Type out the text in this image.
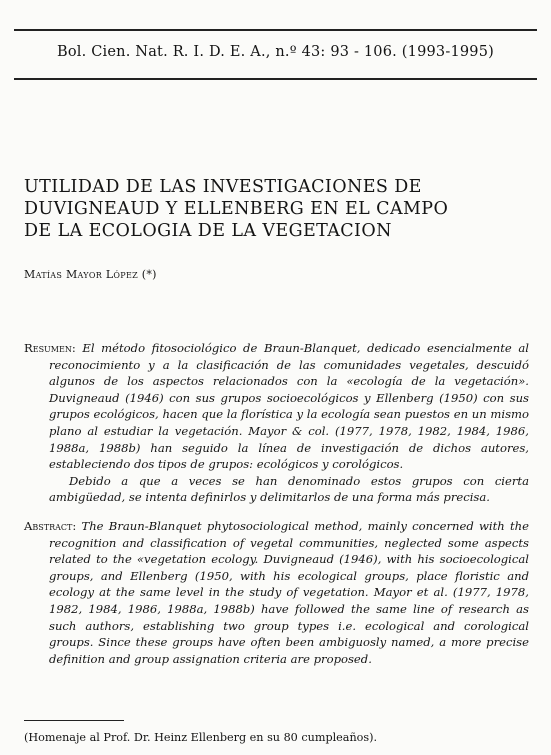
Bol. Cien. Nat. R. I. D. E. A., n.º 43: 93 - 106. (1993-1995)
UTILIDAD DE LAS INVESTIGACIONES DE
DUVIGNEAUD Y ELLENBERG EN EL CAMPO
DE LA ECOLOGIA DE LA VEGETACION
Matías Mayor López (*)

Resumen: El método fitosociológico de Braun-Blanquet, dedicado esencialmente al reconocimiento y a la clasificación de las comunidades vegetales, descuidó algunos de los aspectos relacionados con la «ecología de la vegetación». Duvigneaud (1946) con sus grupos socioecológicos y Ellenberg (1950) con sus grupos ecológicos, hacen que la florística y la ecología sean puestos en un mismo plano al estudiar la vegetación. Mayor & col. (1977, 1978, 1982, 1984, 1986, 1988a, 1988b) han seguido la línea de investigación de dichos autores, estableciendo dos tipos de grupos: ecológicos y corológicos.

Debido a que a veces se han denominado estos grupos con cierta ambigüedad, se intenta definirlos y delimitarlos de una forma más precisa.

Abstract: The Braun-Blanquet phytosociological method, mainly concerned with the recognition and classification of vegetal communities, neglected some aspects related to the «vegetation ecology. Duvigneaud (1946), with his socioecological groups, and Ellenberg (1950, with his ecological groups, place floristic and ecology at the same level in the study of vegetation. Mayor et al. (1977, 1978, 1982, 1984, 1986, 1988a, 1988b) have followed the same line of research as such authors, establishing two group types i.e. ecological and corological groups. Since these groups have often been ambiguosly named, a more precise definition and group assignation criteria are proposed.

(Homenaje al Prof. Dr. Heinz Ellenberg en su 80 cumpleaños).
